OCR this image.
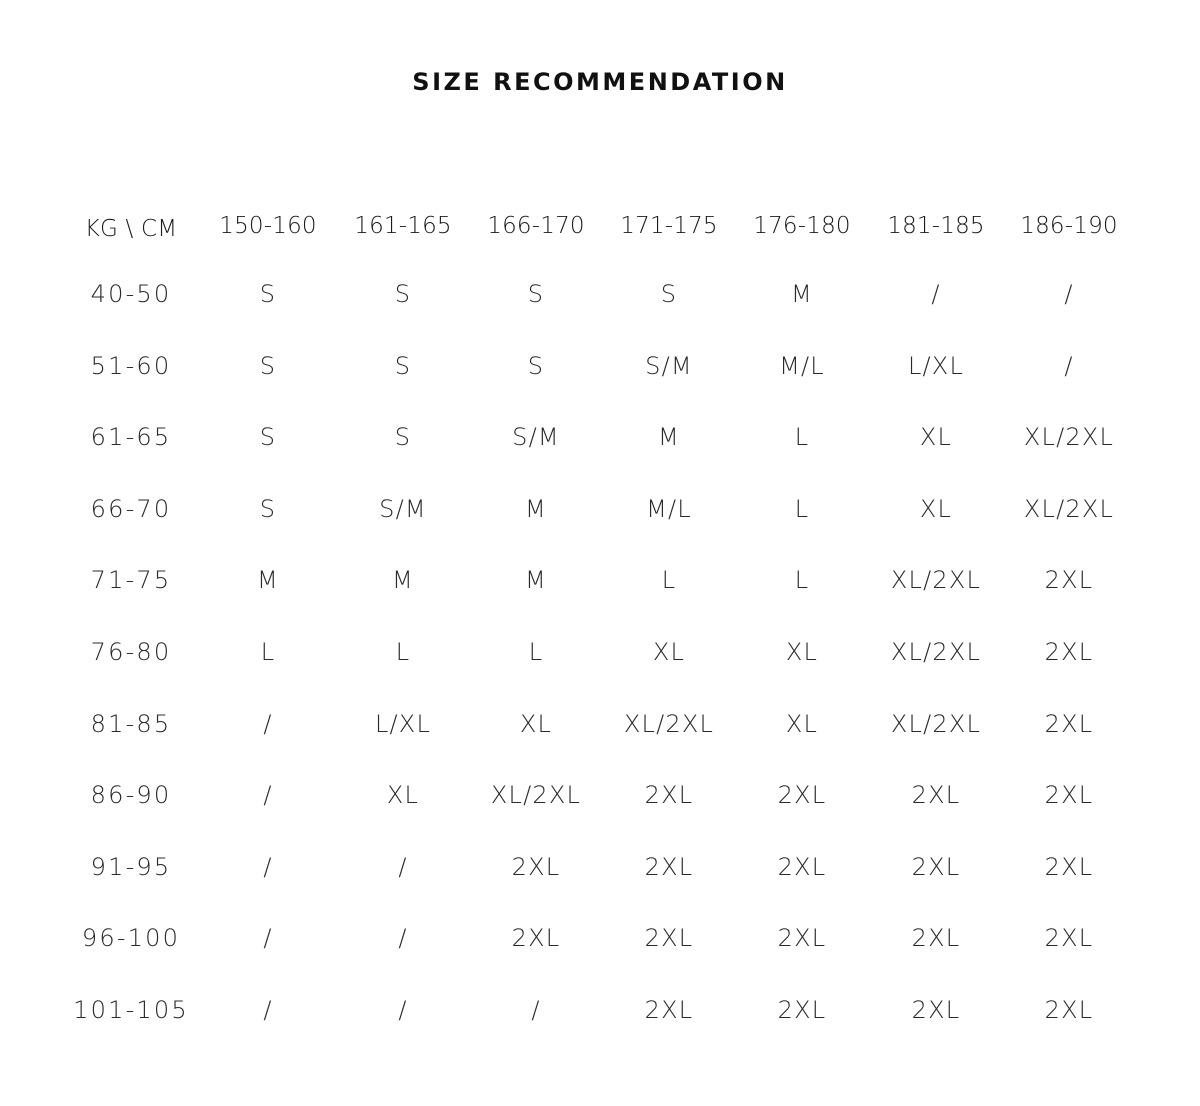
SIZE RECOMMENDATION
KG \ CM	150-160	161-165	166-170	171-175	176-180	181-185	186-190
40-50	S	S	S	S	M	/	/
51-60	S	S	S	S/M	M/L	L/XL	/
61-65	S	S	S/M	M	L	XL	XL/2XL
66-70	S	S/M	M	M/L	L	XL	XL/2XL
71-75	M	M	M	L	L	XL/2XL	2XL
76-80	L	L	L	XL	XL	XL/2XL	2XL
81-85	/	L/XL	XL	XL/2XL	XL	XL/2XL	2XL
86-90	/	XL	XL/2XL	2XL	2XL	2XL	2XL
91-95	/	/	2XL	2XL	2XL	2XL	2XL
96-100	/	/	2XL	2XL	2XL	2XL	2XL
101-105	/	/	/	2XL	2XL	2XL	2XL
